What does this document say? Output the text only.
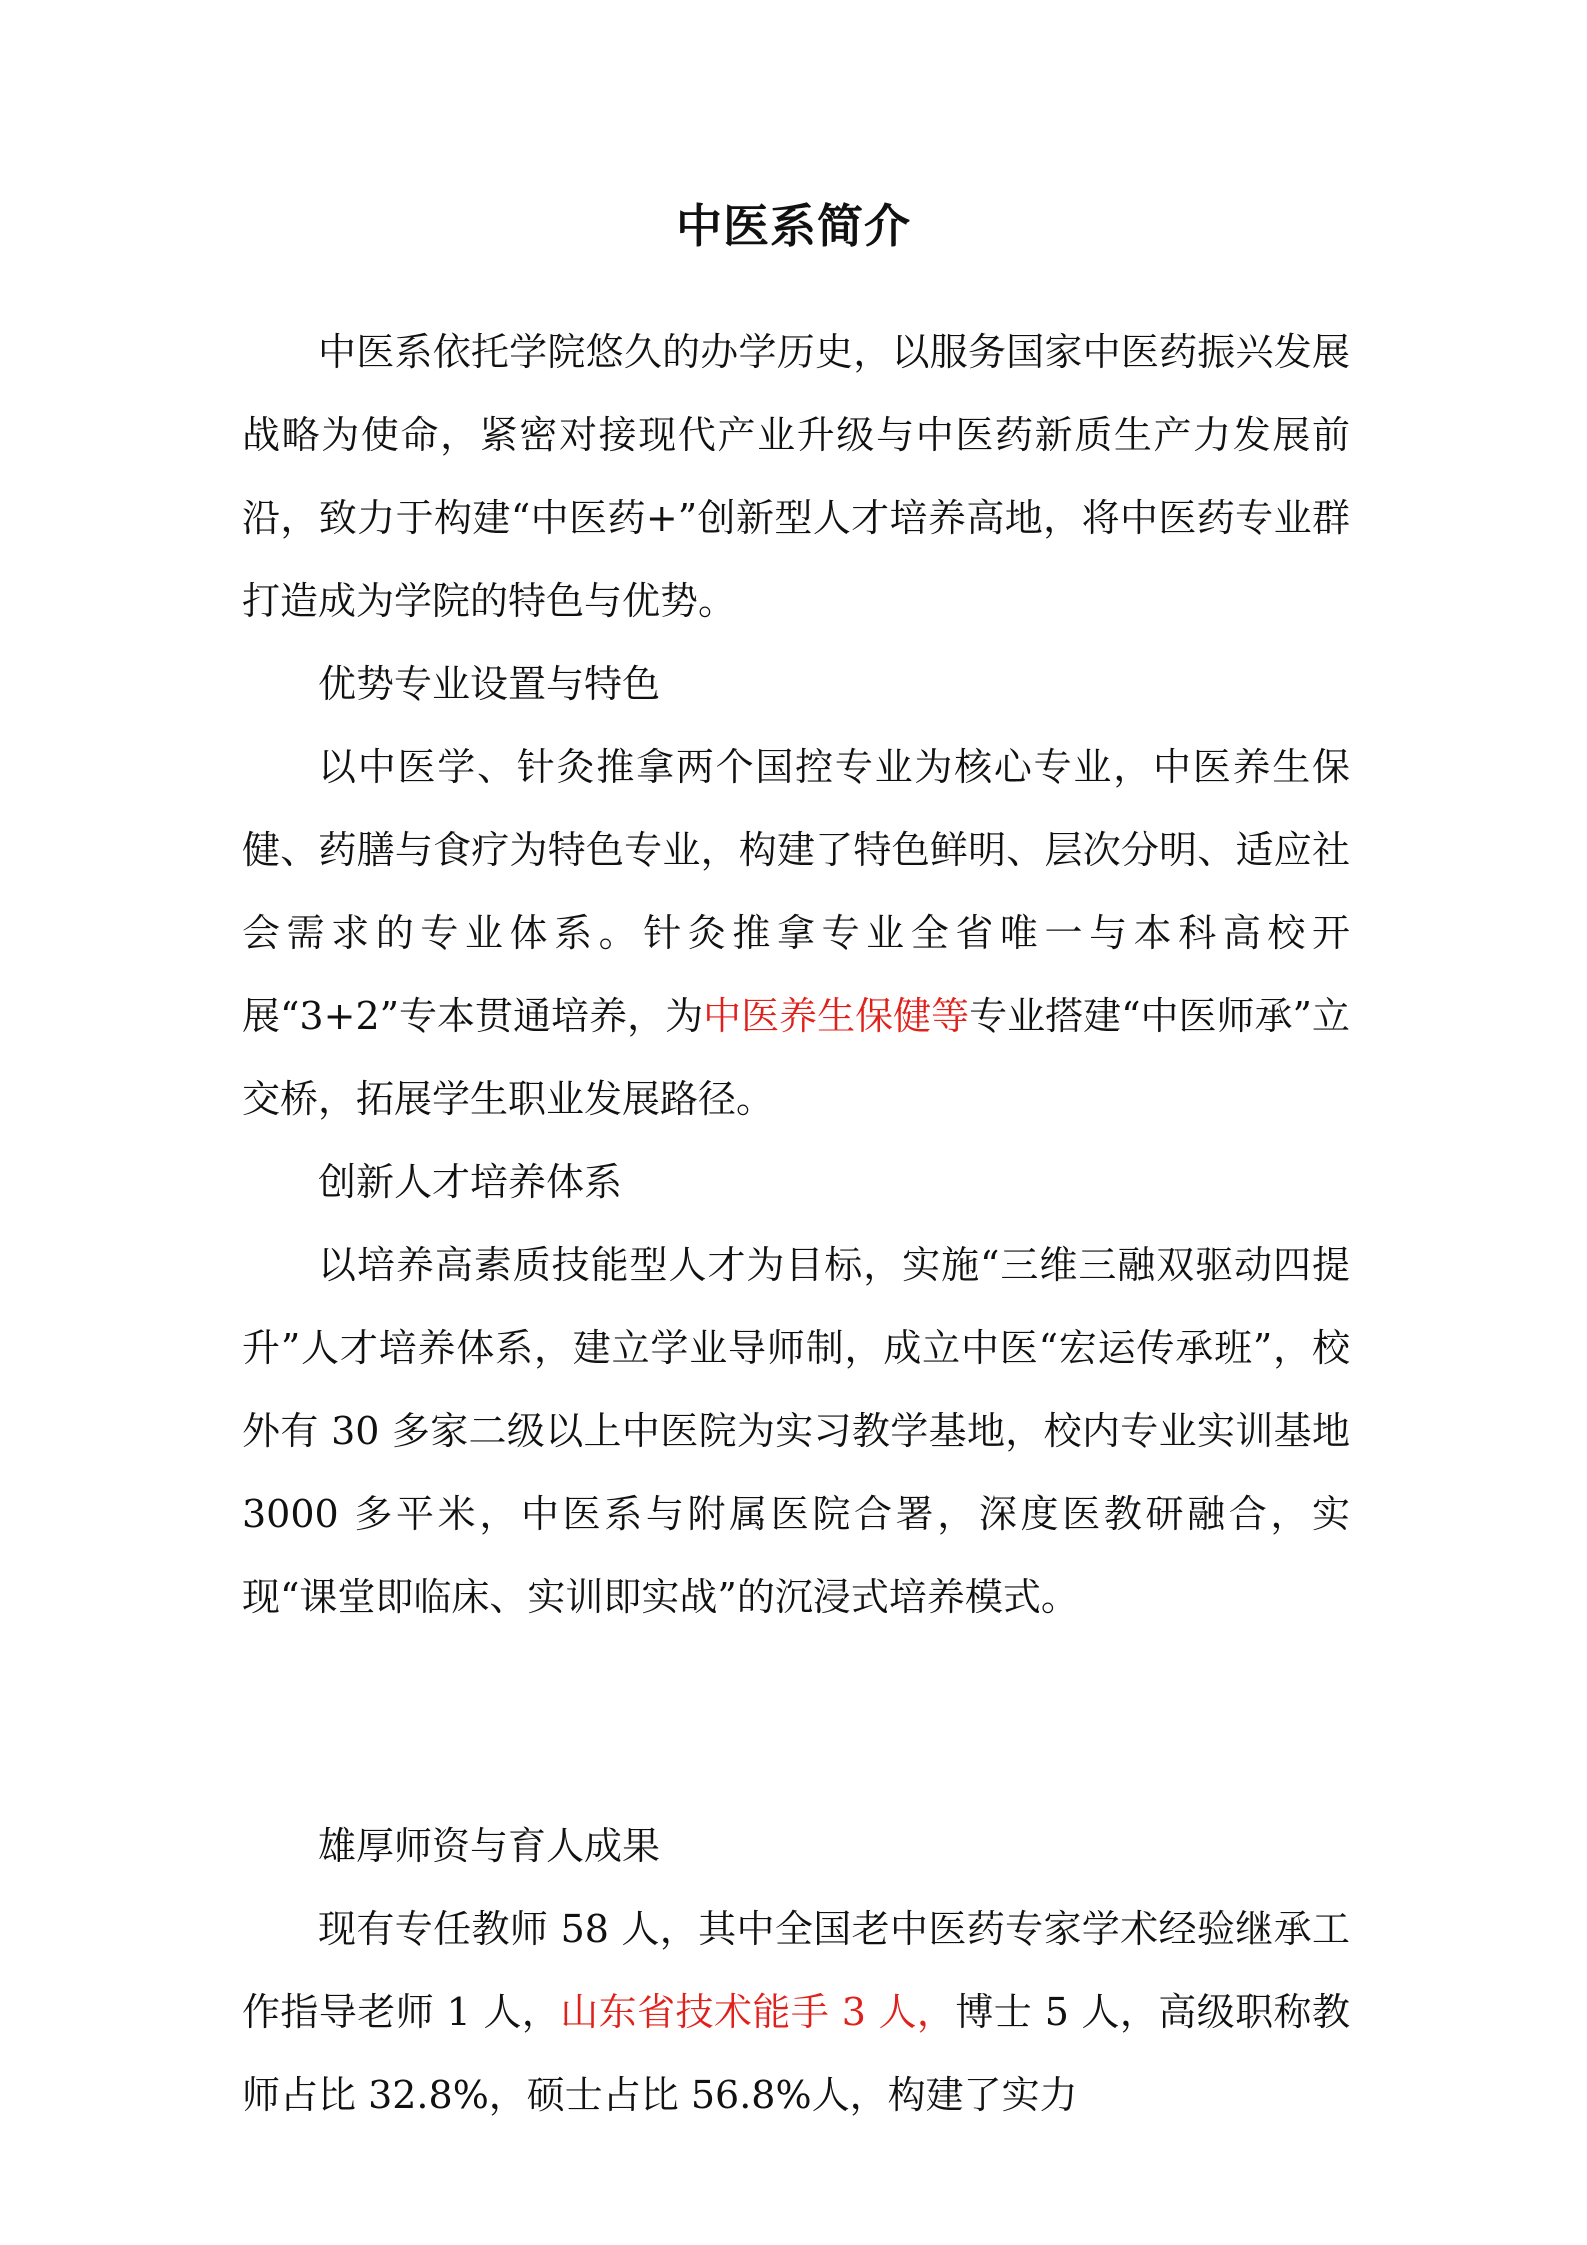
中医系简介

中医系依托学院悠久的办学历史，以服务国家中医药振兴发展战略为使命，紧密对接现代产业升级与中医药新质生产力发展前沿，致力于构建“中医药+”创新型人才培养高地，将中医药专业群打造成为学院的特色与优势。

优势专业设置与特色

以中医学、针灸推拿两个国控专业为核心专业，中医养生保健、药膳与食疗为特色专业，构建了特色鲜明、层次分明、适应社会需求的专业体系。针灸推拿专业全省唯一与本科高校开展“3+2”专本贯通培养，为中医养生保健等专业搭建“中医师承”立交桥，拓展学生职业发展路径。

创新人才培养体系

以培养高素质技能型人才为目标，实施“三维三融双驱动四提升”人才培养体系，建立学业导师制，成立中医“宏运传承班”，校外有 30 多家二级以上中医院为实习教学基地，校内专业实训基地 3000 多平米，中医系与附属医院合署，深度医教研融合，实现“课堂即临床、实训即实战”的沉浸式培养模式。

雄厚师资与育人成果

现有专任教师 58 人，其中全国老中医药专家学术经验继承工作指导老师 1 人，山东省技术能手 3 人，博士 5 人，高级职称教师占比 32.8%，硕士占比 56.8%人，构建了实力
